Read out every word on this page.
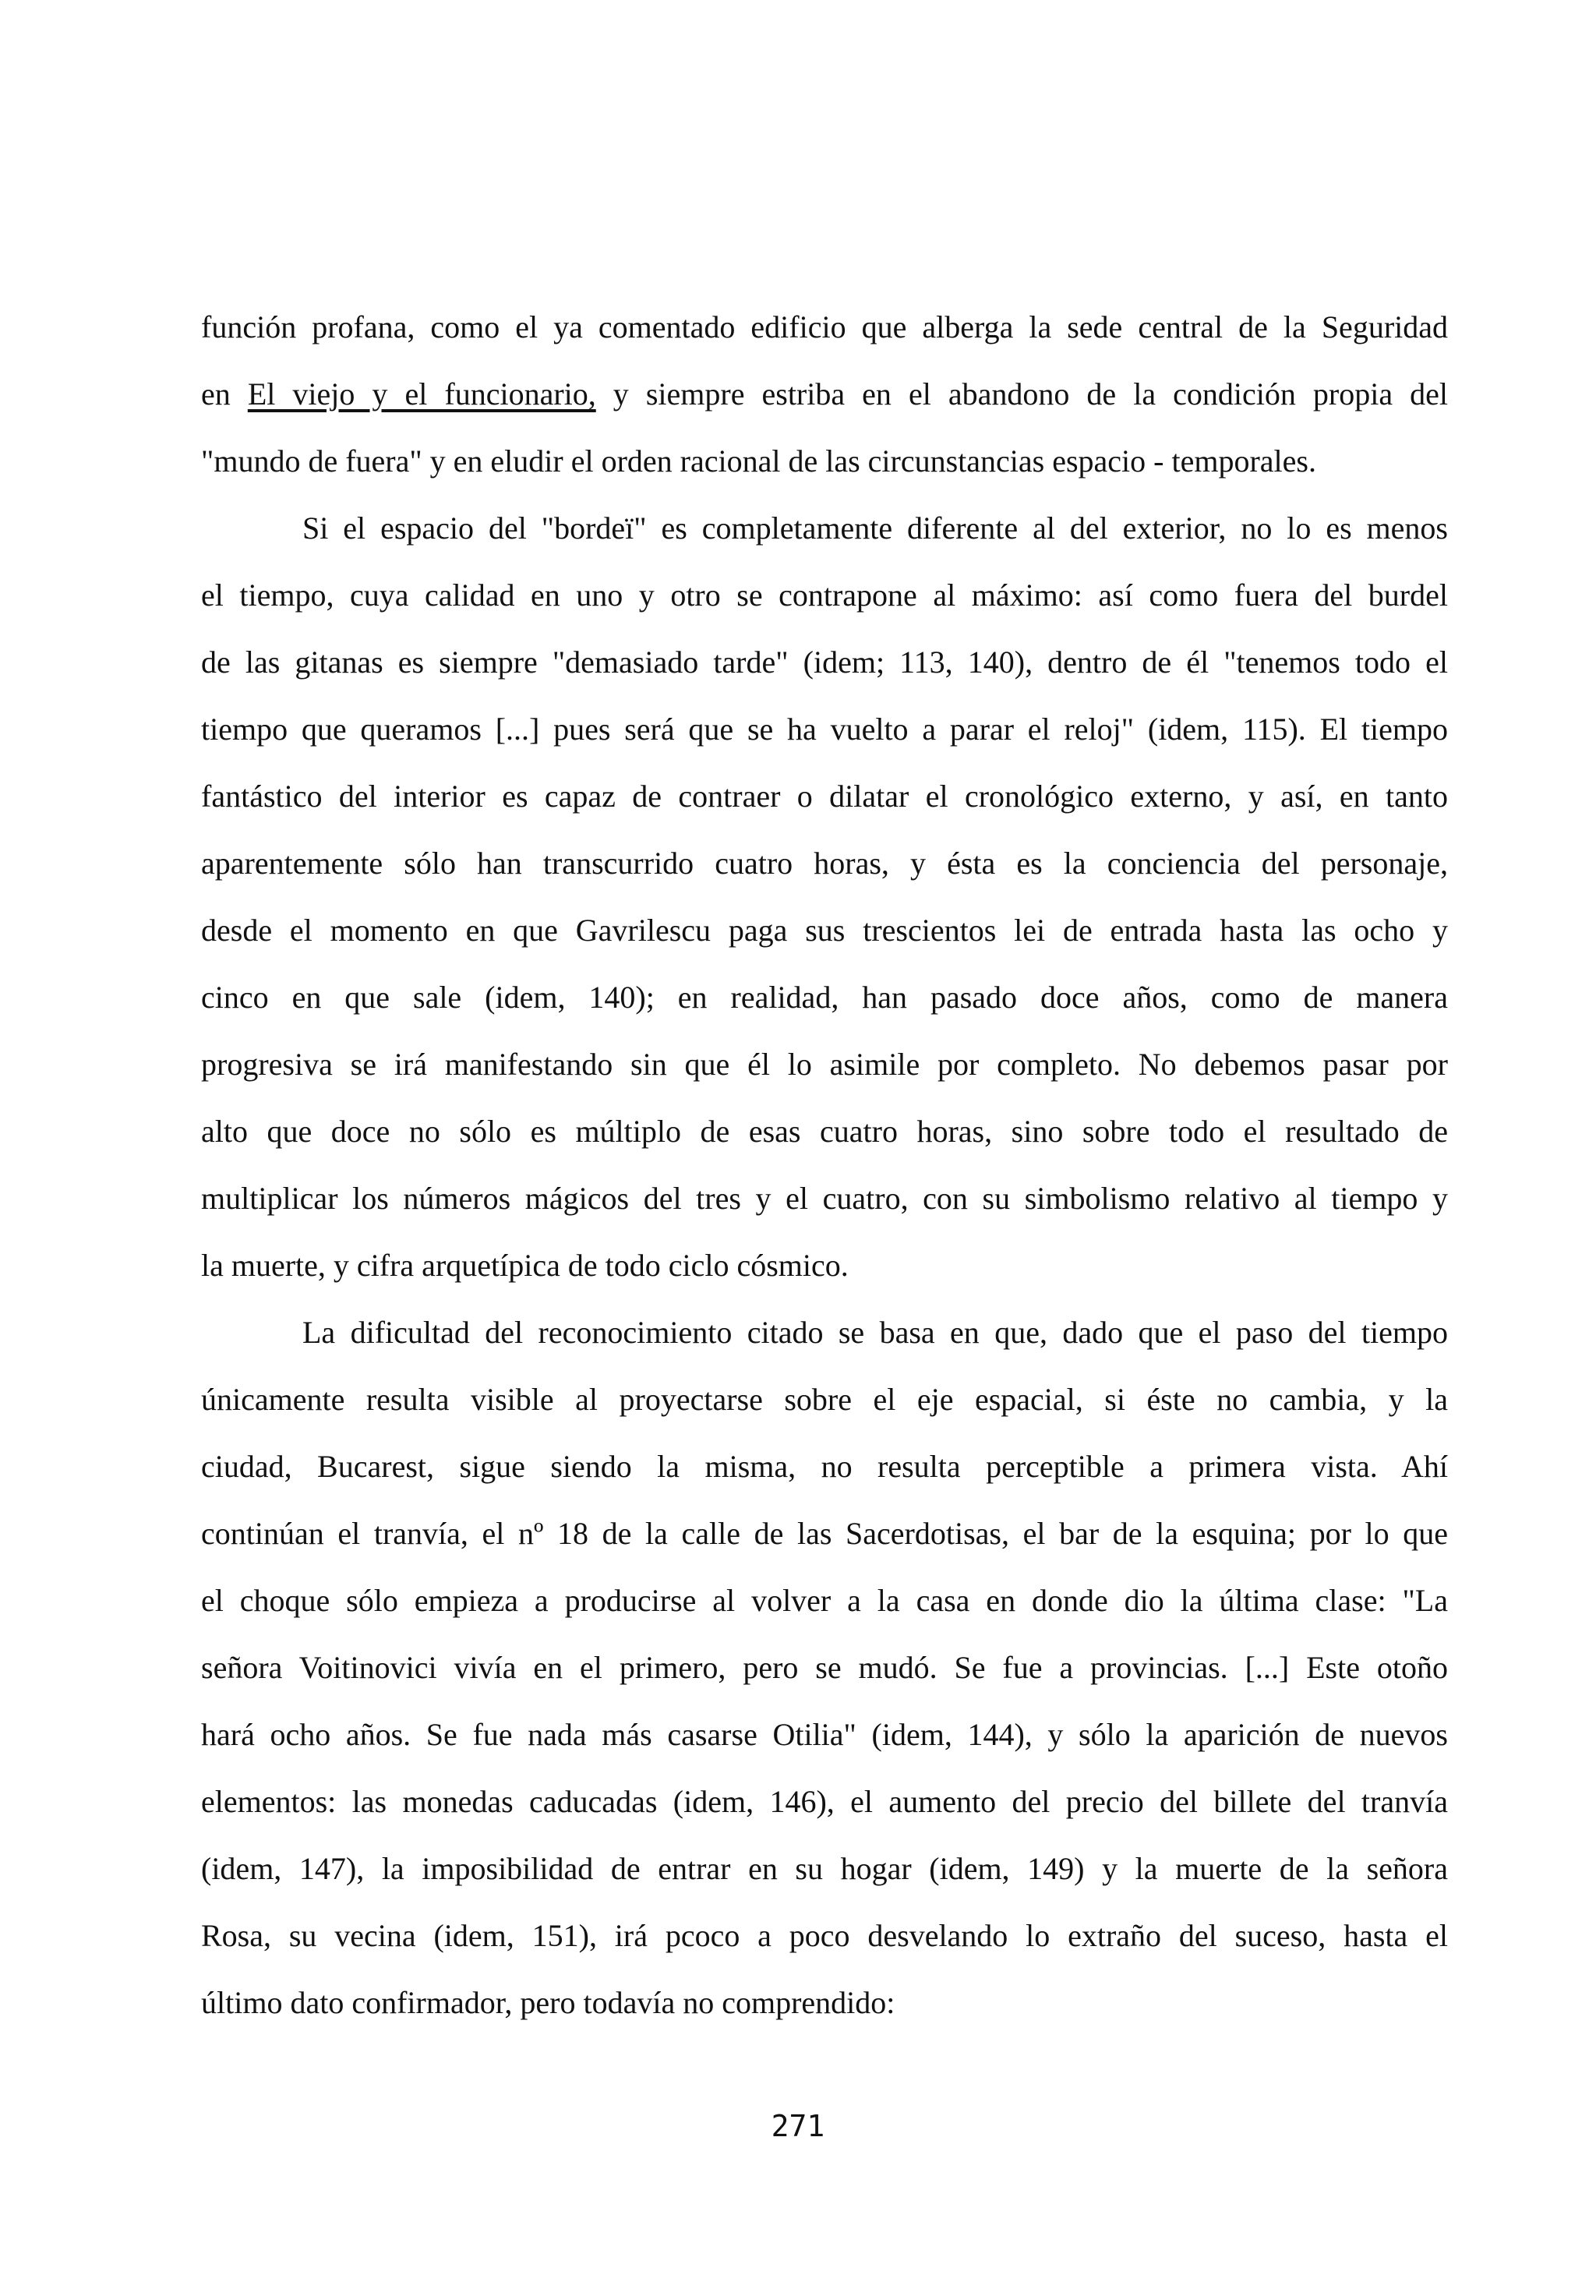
función profana, como el ya comentado edificio que alberga la sede central de la Seguridad
en El viejo y el funcionario, y siempre estriba en el abandono de la condición propia del
"mundo de fuera" y en eludir el orden racional de las circunstancias espacio - temporales.
Si el espacio del "bordeï" es completamente diferente al del exterior, no lo es menos
el tiempo, cuya calidad en uno y otro se contrapone al máximo: así como fuera del burdel
de las gitanas es siempre "demasiado tarde" (idem; 113, 140), dentro de él "tenemos todo el
tiempo que queramos [...] pues será que se ha vuelto a parar el reloj" (idem, 115). El tiempo
fantástico del interior es capaz de contraer o dilatar el cronológico externo, y así, en tanto
aparentemente sólo han transcurrido cuatro horas, y ésta es la conciencia del personaje,
desde el momento en que Gavrilescu paga sus trescientos lei de entrada hasta las ocho y
cinco en que sale (idem, 140); en realidad, han pasado doce años, como de manera
progresiva se irá manifestando sin que él lo asimile por completo. No debemos pasar por
alto que doce no sólo es múltiplo de esas cuatro horas, sino sobre todo el resultado de
multiplicar los números mágicos del tres y el cuatro, con su simbolismo relativo al tiempo y
la muerte, y cifra arquetípica de todo ciclo cósmico.
La dificultad del reconocimiento citado se basa en que, dado que el paso del tiempo
únicamente resulta visible al proyectarse sobre el eje espacial, si éste no cambia, y la
ciudad, Bucarest, sigue siendo la misma, no resulta perceptible a primera vista. Ahí
continúan el tranvía, el nº 18 de la calle de las Sacerdotisas, el bar de la esquina; por lo que
el choque sólo empieza a producirse al volver a la casa en donde dio la última clase: "La
señora Voitinovici vivía en el primero, pero se mudó. Se fue a provincias. [...] Este otoño
hará ocho años. Se fue nada más casarse Otilia" (idem, 144), y sólo la aparición de nuevos
elementos: las monedas caducadas (idem, 146), el aumento del precio del billete del tranvía
(idem, 147), la imposibilidad de entrar en su hogar (idem, 149) y la muerte de la señora
Rosa, su vecina (idem, 151), irá pcoco a poco desvelando lo extraño del suceso, hasta el
último dato confirmador, pero todavía no comprendido:
271
